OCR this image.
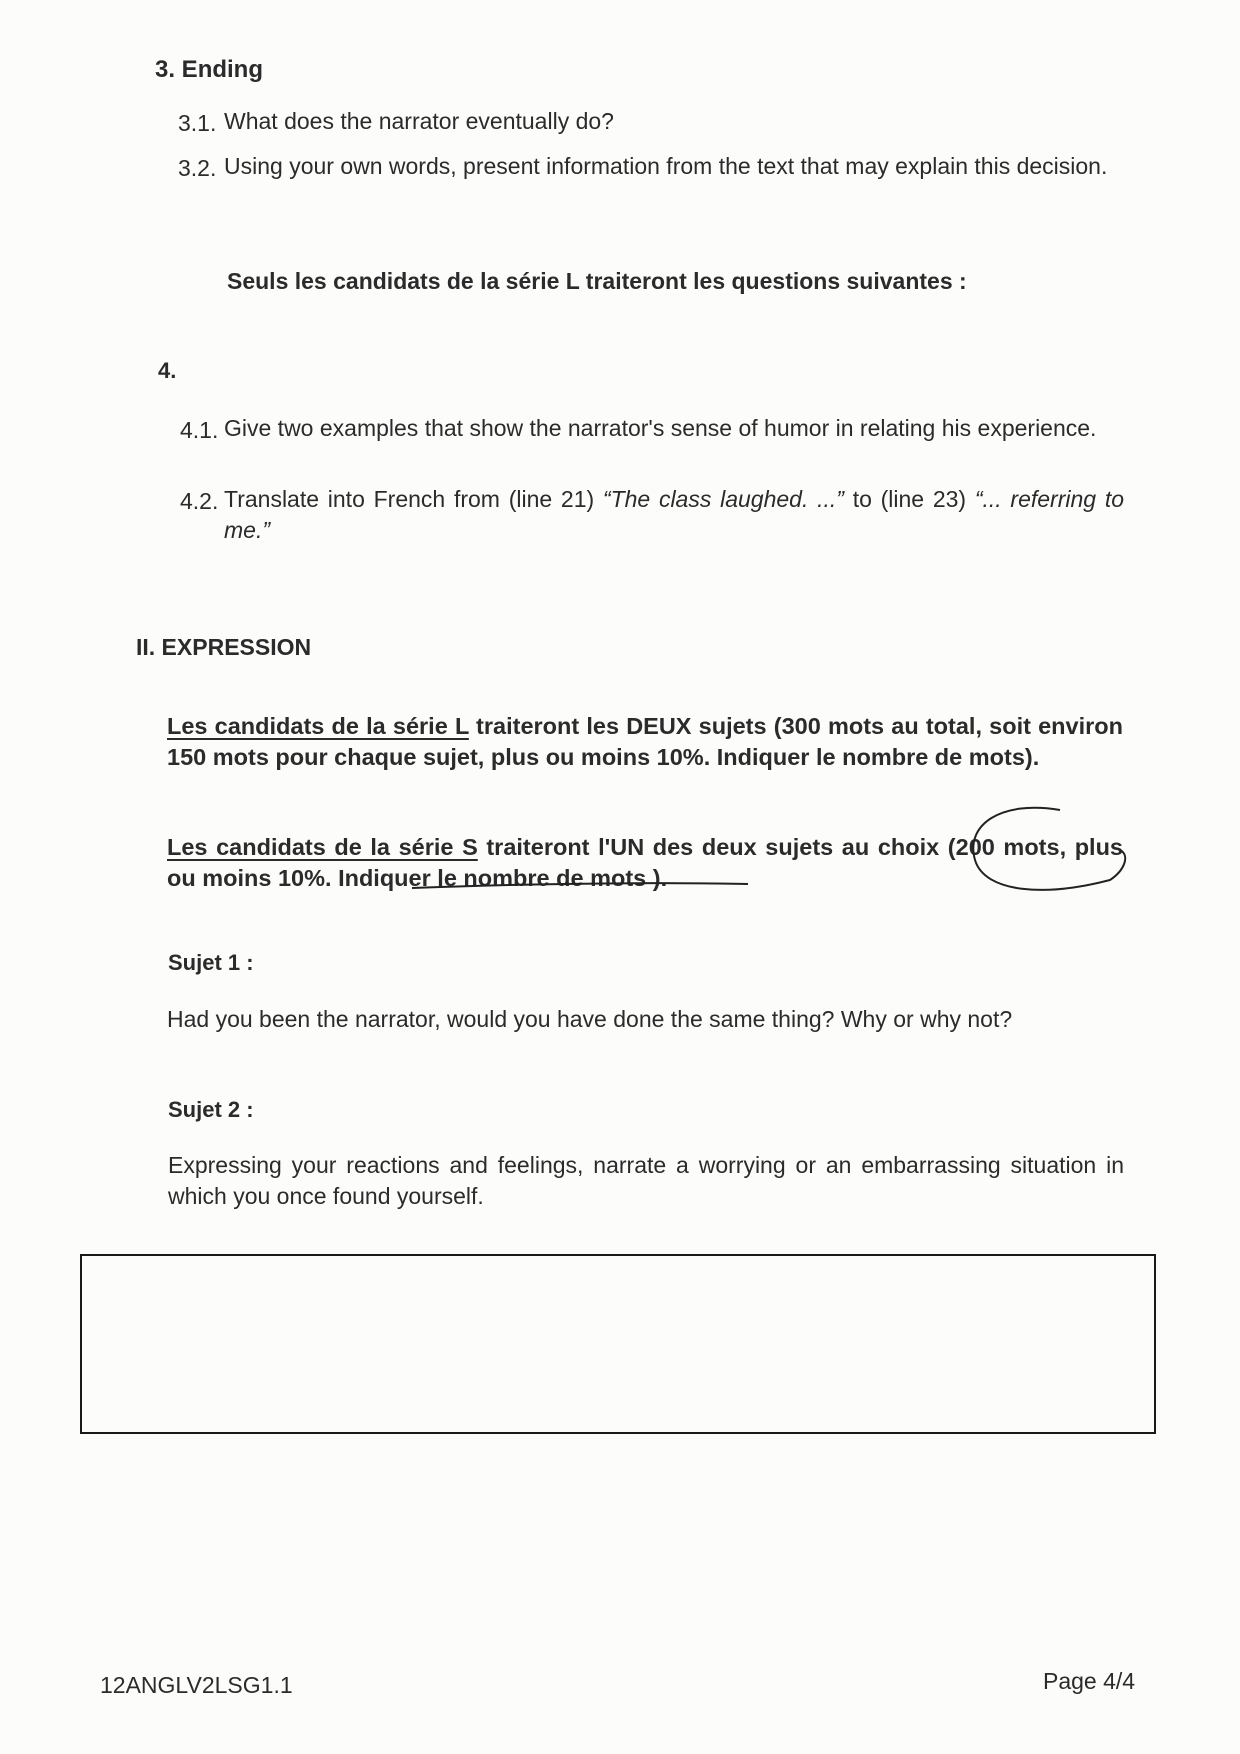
3. Ending
3.1. What does the narrator eventually do?
3.2. Using your own words, present information from the text that may explain this decision.
Seuls les candidats de la série L traiteront les questions suivantes :
4.
4.1. Give two examples that show the narrator's sense of humor in relating his experience.
4.2. Translate into French from (line 21) “The class laughed. ...” to (line 23) “... referring to me.”
II. EXPRESSION
Les candidats de la série L traiteront les DEUX sujets (300 mots au total, soit environ 150 mots pour chaque sujet, plus ou moins 10%. Indiquer le nombre de mots).
Les candidats de la série S traiteront l'UN des deux sujets au choix (200 mots, plus ou moins 10%. Indiquer le nombre de mots ).
Sujet 1 :
Had you been the narrator, would you have done the same thing? Why or why not?
Sujet 2 :
Expressing your reactions and feelings, narrate a worrying or an embarrassing situation in which you once found yourself.
12ANGLV2LSG1.1	Page 4/4
